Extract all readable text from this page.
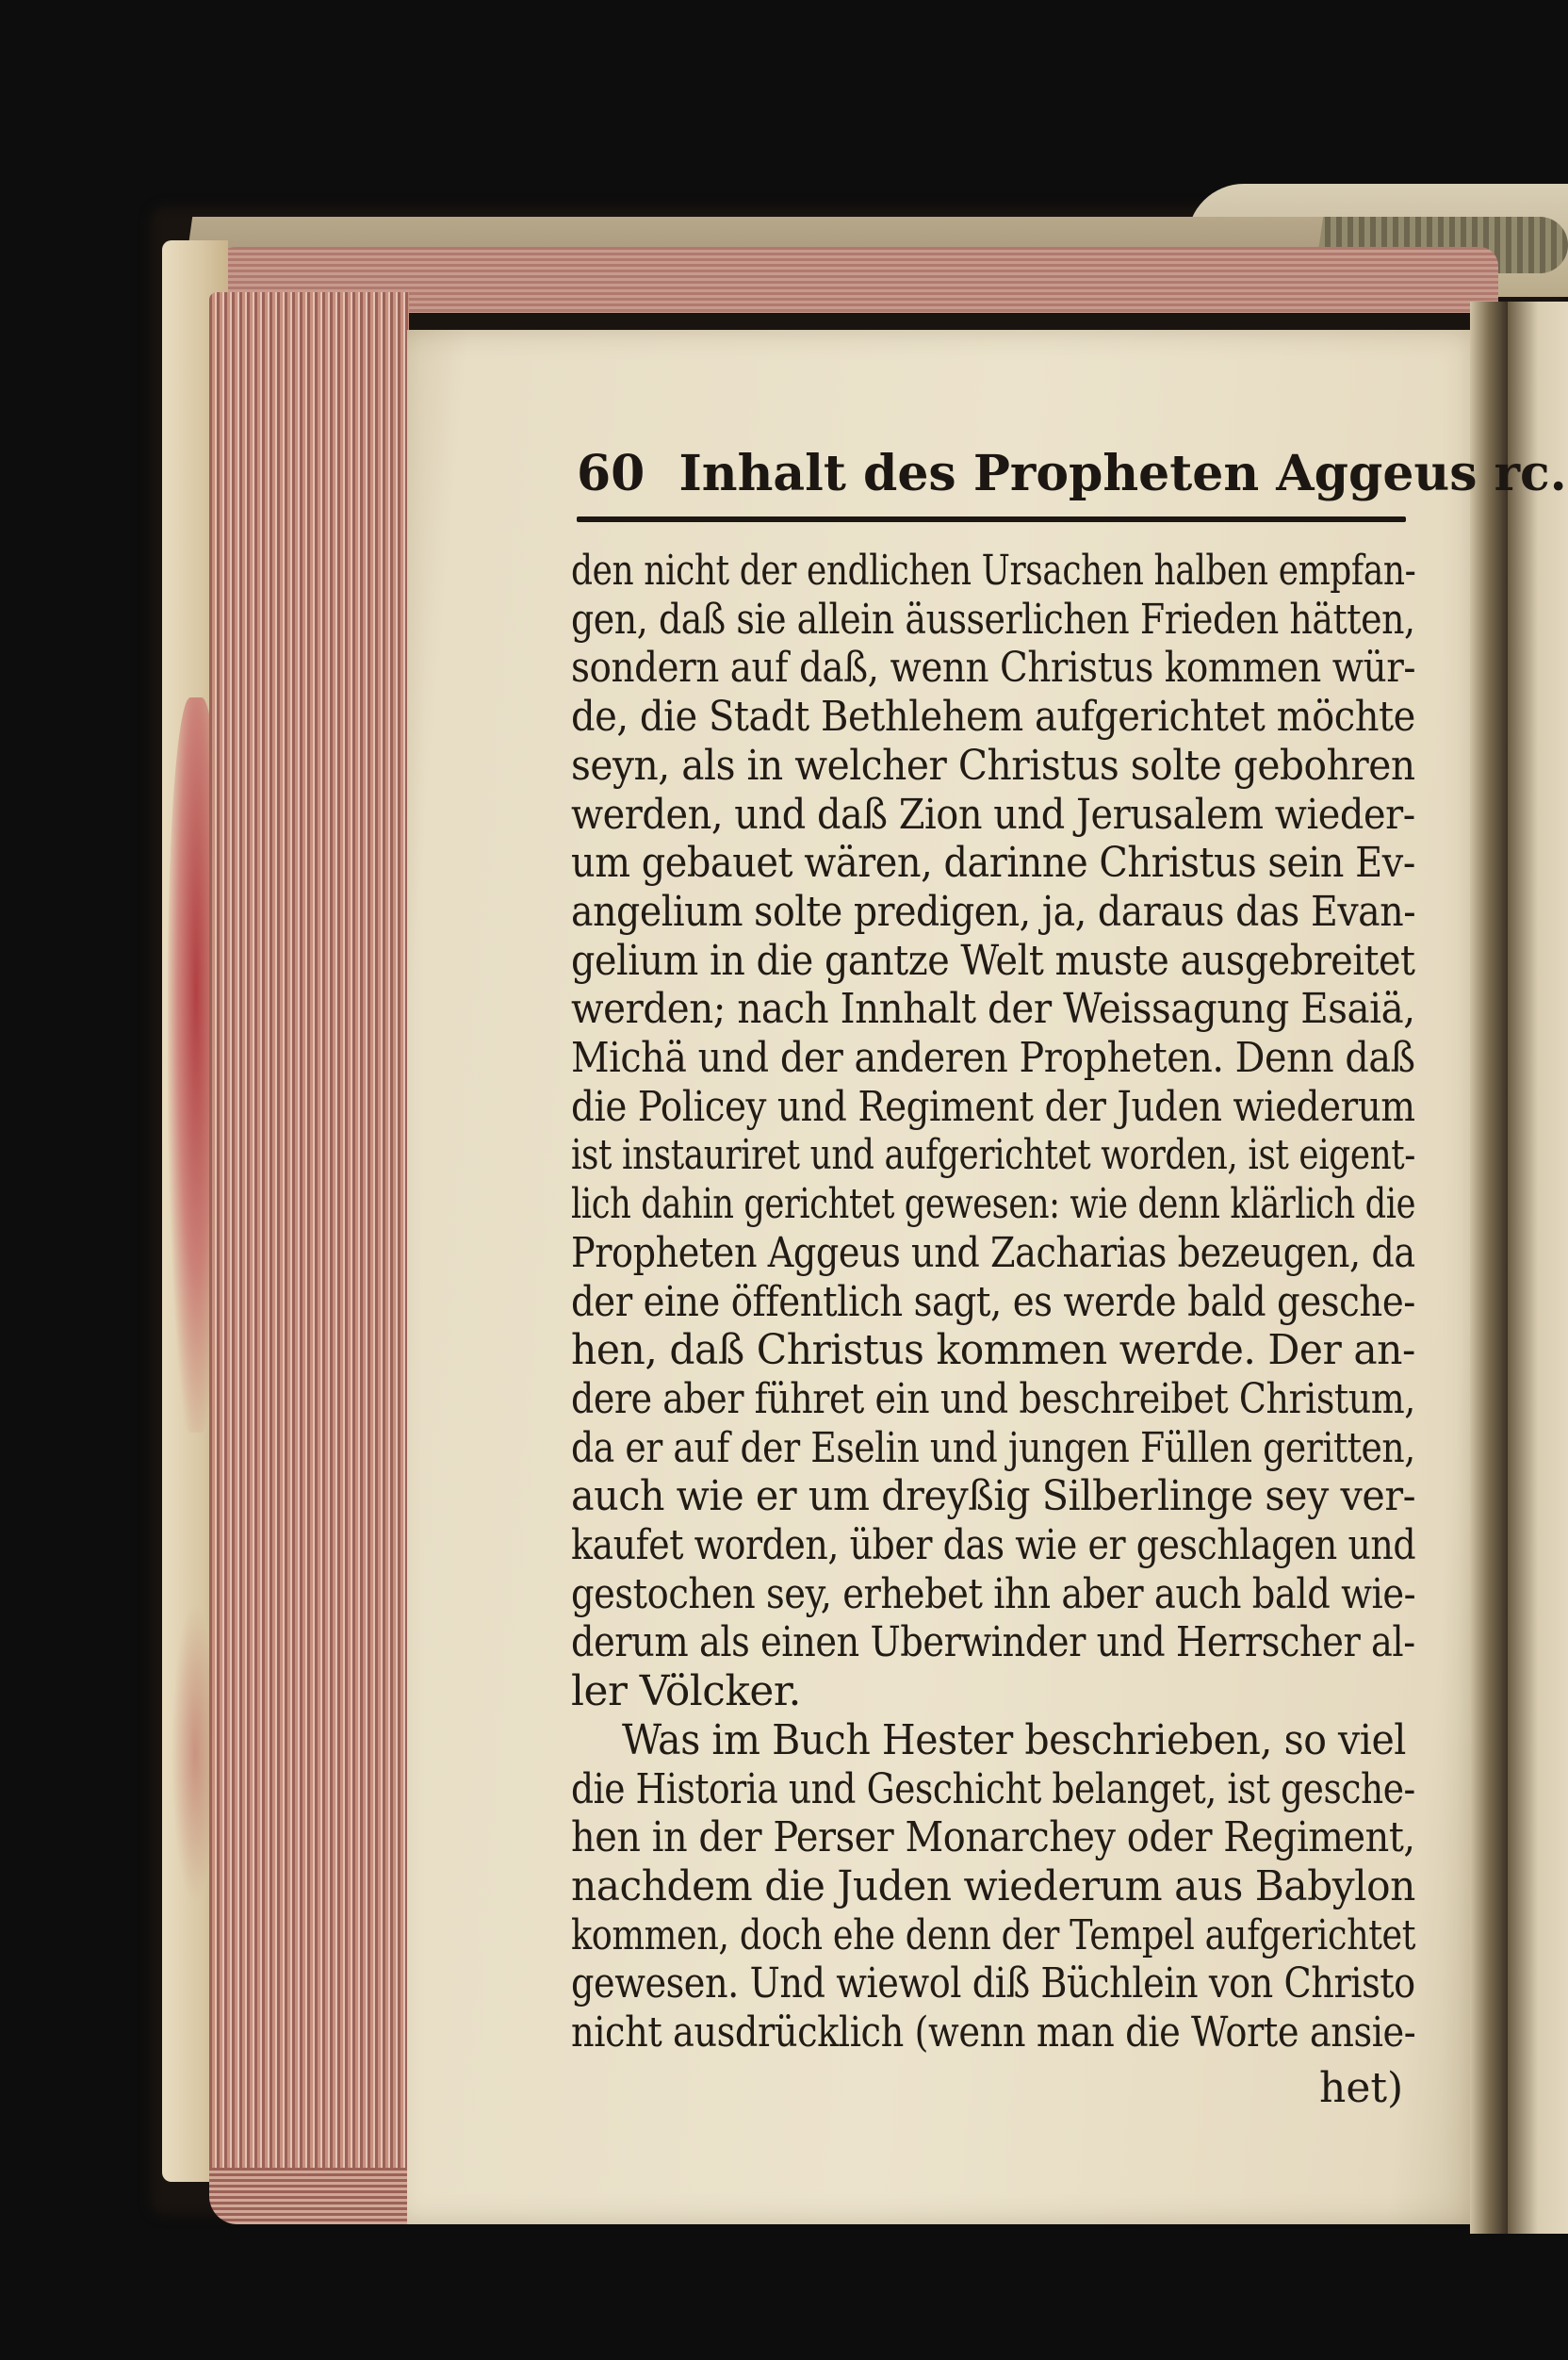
60 Inhalt des Propheten Aggeus rc.
den nicht der endlichen Ursachen halben empfan-
gen, daß sie allein äusserlichen Frieden hätten,
sondern auf daß, wenn Christus kommen wür-
de, die Stadt Bethlehem aufgerichtet möchte
seyn, als in welcher Christus solte gebohren
werden, und daß Zion und Jerusalem wieder-
um gebauet wären, darinne Christus sein Ev-
angelium solte predigen, ja, daraus das Evan-
gelium in die gantze Welt muste ausgebreitet
werden; nach Innhalt der Weissagung Esaiä,
Michä und der anderen Propheten. Denn daß
die Policey und Regiment der Juden wiederum
ist instauriret und aufgerichtet worden, ist eigent-
lich dahin gerichtet gewesen: wie denn klärlich die
Propheten Aggeus und Zacharias bezeugen, da
der eine öffentlich sagt, es werde bald gesche-
hen, daß Christus kommen werde. Der an-
dere aber führet ein und beschreibet Christum,
da er auf der Eselin und jungen Füllen geritten,
auch wie er um dreyßig Silberlinge sey ver-
kaufet worden, über das wie er geschlagen und
gestochen sey, erhebet ihn aber auch bald wie-
derum als einen Uberwinder und Herrscher al-
ler Völcker.
Was im Buch Hester beschrieben, so viel
die Historia und Geschicht belanget, ist gesche-
hen in der Perser Monarchey oder Regiment,
nachdem die Juden wiederum aus Babylon
kommen, doch ehe denn der Tempel aufgerichtet
gewesen. Und wiewol diß Büchlein von Christo
nicht ausdrücklich (wenn man die Worte ansie-
het)
